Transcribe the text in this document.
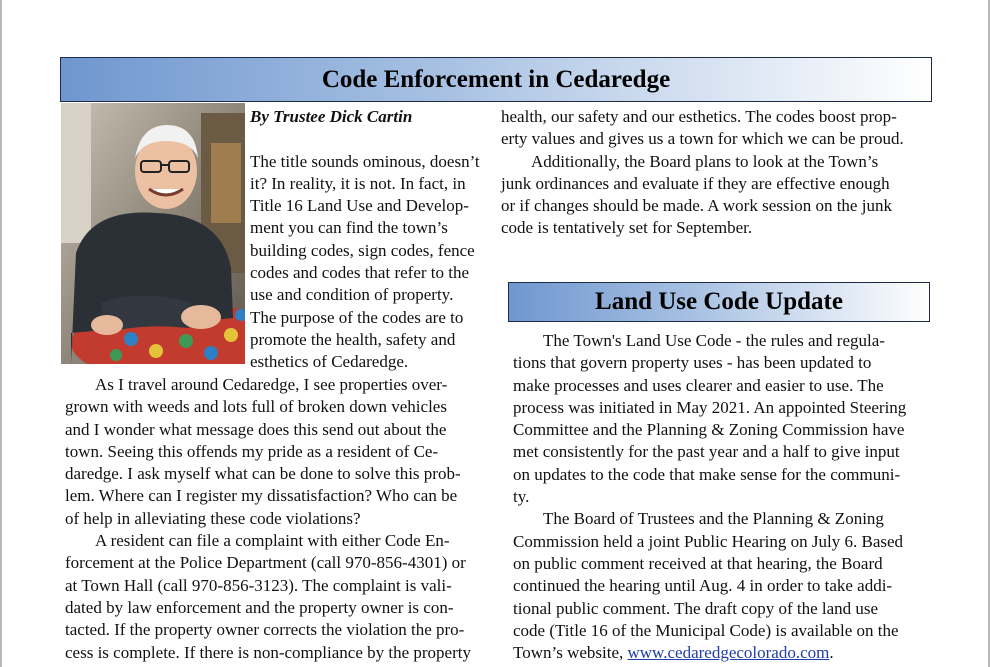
Code Enforcement in Cedaredge
By Trustee Dick Cartin
The title sounds ominous, doesn’t
it? In reality, it is not. In fact, in
Title 16 Land Use and Develop-
ment you can find the town’s
building codes, sign codes, fence
codes and codes that refer to the
use and condition of property.
The purpose of the codes are to
promote the health, safety and
esthetics of Cedaredge.
As I travel around Cedaredge, I see properties over-
grown with weeds and lots full of broken down vehicles
and I wonder what message does this send out about the
town. Seeing this offends my pride as a resident of Ce-
daredge. I ask myself what can be done to solve this prob-
lem. Where can I register my dissatisfaction? Who can be
of help in alleviating these code violations?
A resident can file a complaint with either Code En-
forcement at the Police Department (call 970-856-4301) or
at Town Hall (call 970-856-3123). The complaint is vali-
dated by law enforcement and the property owner is con-
tacted. If the property owner corrects the violation the pro-
cess is complete. If there is non-compliance by the property
health, our safety and our esthetics. The codes boost prop-
erty values and gives us a town for which we can be proud.
Additionally, the Board plans to look at the Town’s
junk ordinances and evaluate if they are effective enough
or if changes should be made. A work session on the junk
code is tentatively set for September.
Land Use Code Update
The Town's Land Use Code - the rules and regula-
tions that govern property uses - has been updated to
make processes and uses clearer and easier to use. The
process was initiated in May 2021. An appointed Steering
Committee and the Planning & Zoning Commission have
met consistently for the past year and a half to give input
on updates to the code that make sense for the communi-
ty.
The Board of Trustees and the Planning & Zoning
Commission held a joint Public Hearing on July 6. Based
on public comment received at that hearing, the Board
continued the hearing until Aug. 4 in order to take addi-
tional public comment. The draft copy of the land use
code (Title 16 of the Municipal Code) is available on the
Town’s website, www.cedaredgecolorado.com.
